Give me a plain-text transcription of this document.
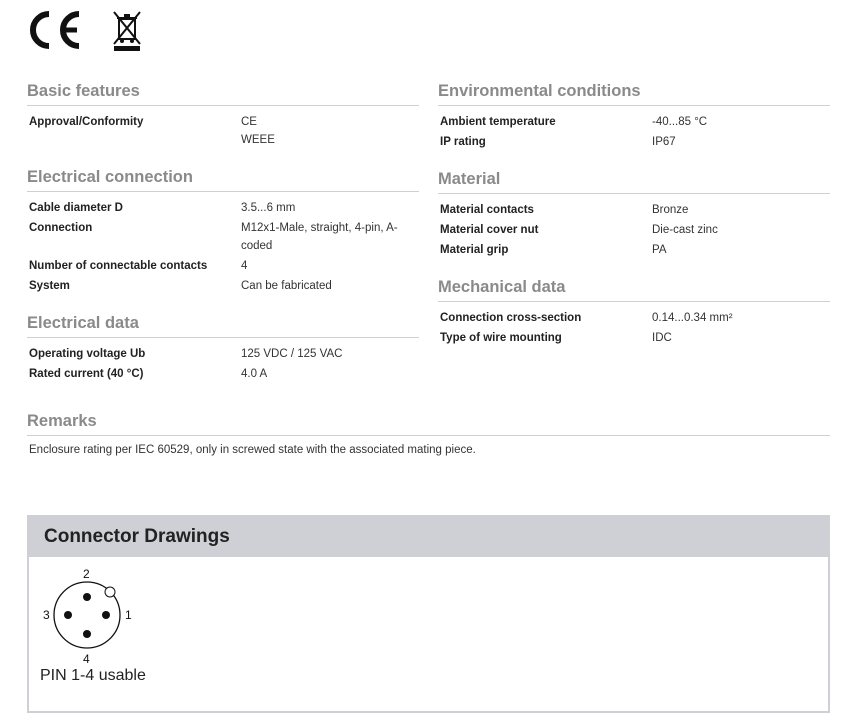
Basic features
Approval/Conformity	CE
WEEE
Electrical connection
Cable diameter D	3.5...6 mm
Connection	M12x1-Male, straight, 4-pin, A-
coded
Number of connectable contacts	4
System	Can be fabricated
Electrical data
Operating voltage Ub	125 VDC / 125 VAC
Rated current (40 °C)	4.0 A
Environmental conditions
Ambient temperature	-40...85 °C
IP rating	IP67
Material
Material contacts	Bronze
Material cover nut	Die-cast zinc
Material grip	PA
Mechanical data
Connection cross-section	0.14...0.34 mm²
Type of wire mounting	IDC
Remarks

Enclosure rating per IEC 60529, only in screwed state with the associated mating piece.

Connector Drawings
2
3	1
4
PIN 1-4 usable
